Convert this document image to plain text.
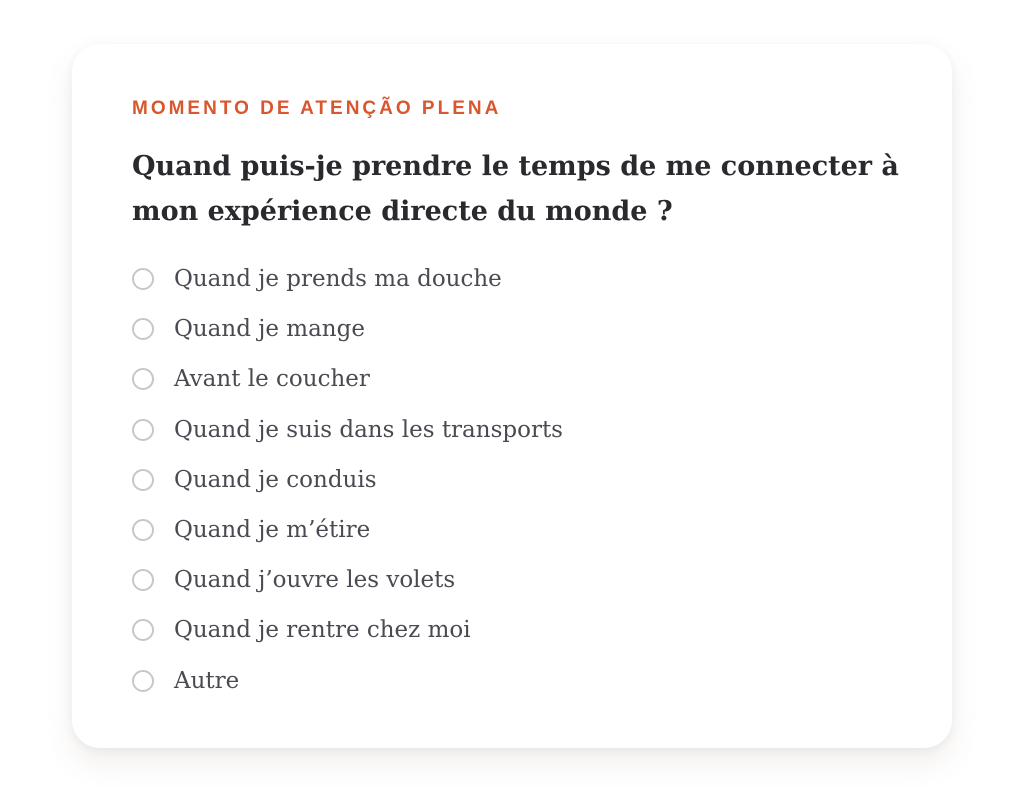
MOMENTO DE ATENÇÃO PLENA
Quand puis-je prendre le temps de me connecter à mon expérience directe du monde ?
Quand je prends ma douche
Quand je mange
Avant le coucher
Quand je suis dans les transports
Quand je conduis
Quand je m’étire
Quand j’ouvre les volets
Quand je rentre chez moi
Autre
